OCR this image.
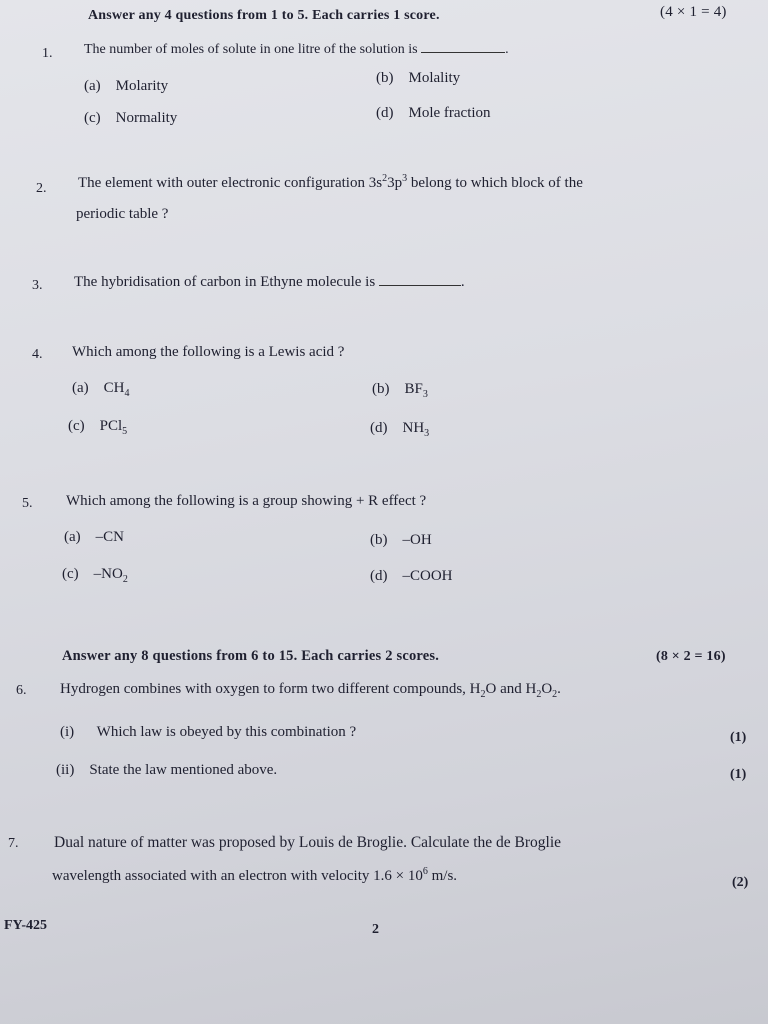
Answer any 4 questions from 1 to 5. Each carries 1 score.	(4 × 1 = 4)
1. The number of moles of solute in one litre of the solution is	.
(a) Molarity	(b) Molality
(c) Normality	(d) Mole fraction
2. The element with outer electronic configuration $3s^23p^3$ belong to which block of the
periodic table ?
3. The hybridisation of carbon in Ethyne molecule is	.
4. Which among the following is a Lewis acid ?
(a) $CH_4$	(b) $BF_3$
(c) PCl$_5$	(d) $NH_3$
5. Which among the following is a group showing + R effect ?
(a) –CN	(b) –OH
(c) $-NO_2$	(d) –COOH
Answer any 8 questions from 6 to 15. Each carries 2 scores.	(8 × 2 = 16)
6. Hydrogen combines with oxygen to form two different compounds, $H_2O$ and $H_2O_2$.
(i) Which law is obeyed by this combination ?	(1)
(ii) State the law mentioned above.	(1)
7. Dual nature of matter was proposed by Louis de Broglie. Calculate the de Broglie
wavelength associated with an electron with velocity $1.6 \times 10^6$ m/s.	(2)
FY-425	2
